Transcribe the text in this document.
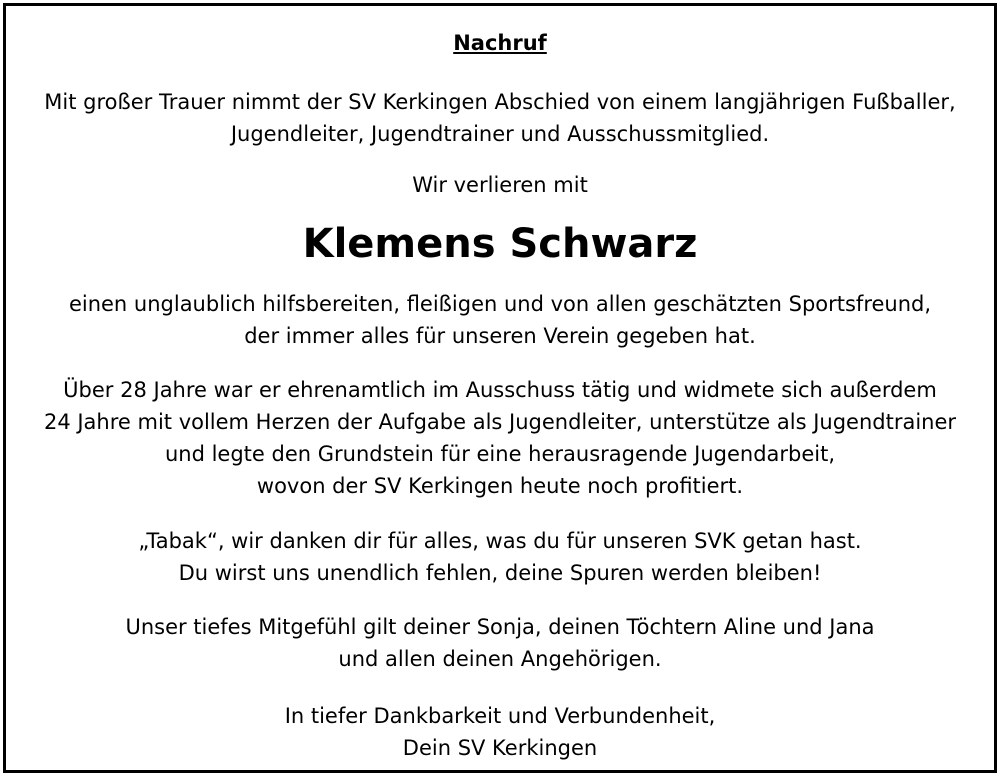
Nachruf
Mit großer Trauer nimmt der SV Kerkingen Abschied von einem langjährigen Fußballer,
Jugendleiter, Jugendtrainer und Ausschussmitglied.
Wir verlieren mit
Klemens Schwarz
einen unglaublich hilfsbereiten, fleißigen und von allen geschätzten Sportsfreund,
der immer alles für unseren Verein gegeben hat.
Über 28 Jahre war er ehrenamtlich im Ausschuss tätig und widmete sich außerdem
24 Jahre mit vollem Herzen der Aufgabe als Jugendleiter, unterstütze als Jugendtrainer
und legte den Grundstein für eine herausragende Jugendarbeit,
wovon der SV Kerkingen heute noch profitiert.
„Tabak“, wir danken dir für alles, was du für unseren SVK getan hast.
Du wirst uns unendlich fehlen, deine Spuren werden bleiben!
Unser tiefes Mitgefühl gilt deiner Sonja, deinen Töchtern Aline und Jana
und allen deinen Angehörigen.
In tiefer Dankbarkeit und Verbundenheit,
Dein SV Kerkingen
